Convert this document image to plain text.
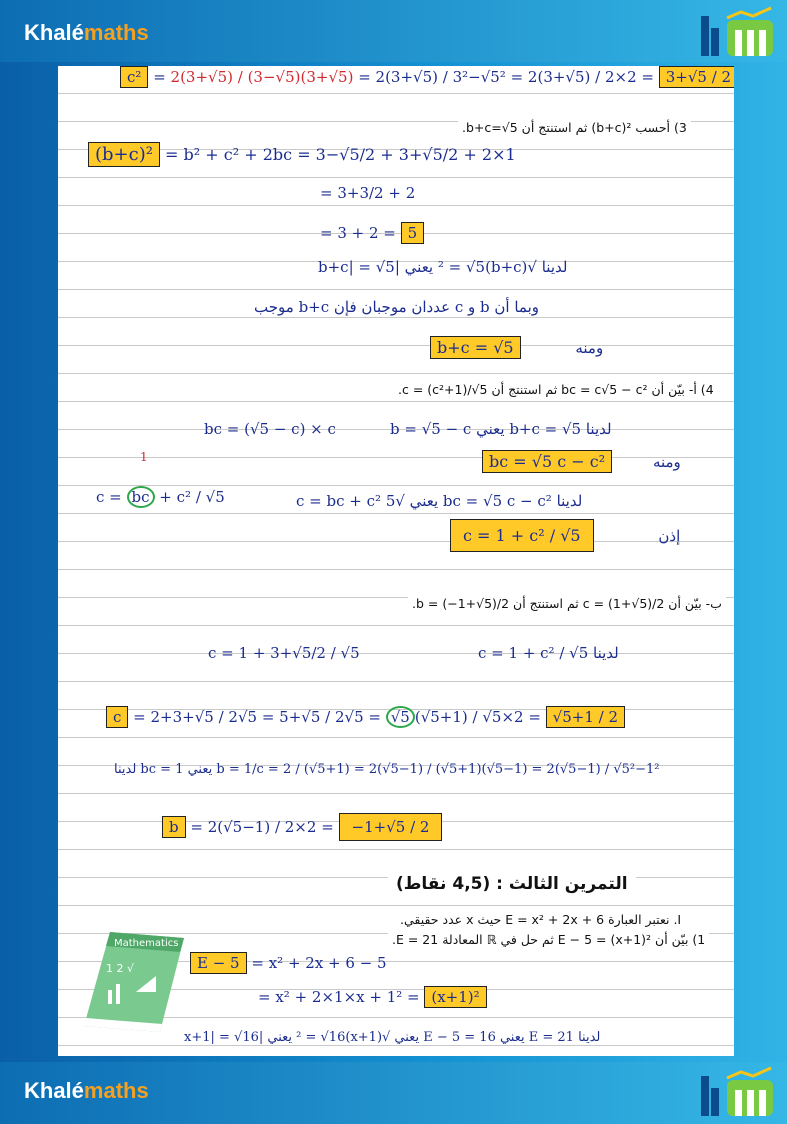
Khalémaths
c² = 2(3+√5) / (3−√5)(3+√5) = 2(3+√5) / 3²−√5² = 2(3+√5) / 2×2 = 3+√5 / 2
3) أحسب ²(b+c) ثم استنتج أن b+c=√5.
(b+c)² = b² + c² + 2bc = 3−√5/2 + 3+√5/2 + 2×1
= 3+3/2 + 2
= 3 + 2 = 5
لدينا √(b+c)² = √5 يعني |b+c| = √5
وبما أن b و c عددان موجبان فإن b+c موجب
b+c = √5	ومنه
4) أ- بيّن أن bc = c√5 − c² ثم استنتج أن c = (c²+1)/√5.
لدينا b+c = √5 يعني b = √5 − c
bc = (√5 − c) × c
bc = √5 c − c²	ومنه
1
c = bc + c² / √5	لدينا bc = √5 c − c² يعني √5 c = bc + c²
c = 1 + c² / √5	إذن
ب- بيّن أن c = (1+√5)/2 ثم استنتج أن b = (−1+√5)/2.
لدينا c = 1 + c² / √5
c = 1 + 3+√5/2 / √5
c = 2+3+√5 / 2√5 = 5+√5 / 2√5 = √5 (√5+1) / √5×2 = √5+1 / 2
لدينا bc = 1 يعني b = 1/c = 2 / (√5+1) = 2(√5−1) / (√5+1)(√5−1) = 2(√5−1) / √5²−1²
b = 2(√5−1) / 2×2 = −1+√5 / 2
التمرين الثالث : (4,5 نقاط)
I. نعتبر العبارة E = x² + 2x + 6 حيث x عدد حقيقي.
1) بيّن أن E − 5 = (x+1)² ثم حل في ℝ المعادلة E = 21.
E − 5 = x² + 2x + 6 − 5
= x² + 2×1×x + 1² = (x+1)²
لدينا E = 21 يعني E − 5 = 16 يعني √(x+1)² = √16 يعني |x+1| = √16
Mathematics
1 2 √
Khalémaths
